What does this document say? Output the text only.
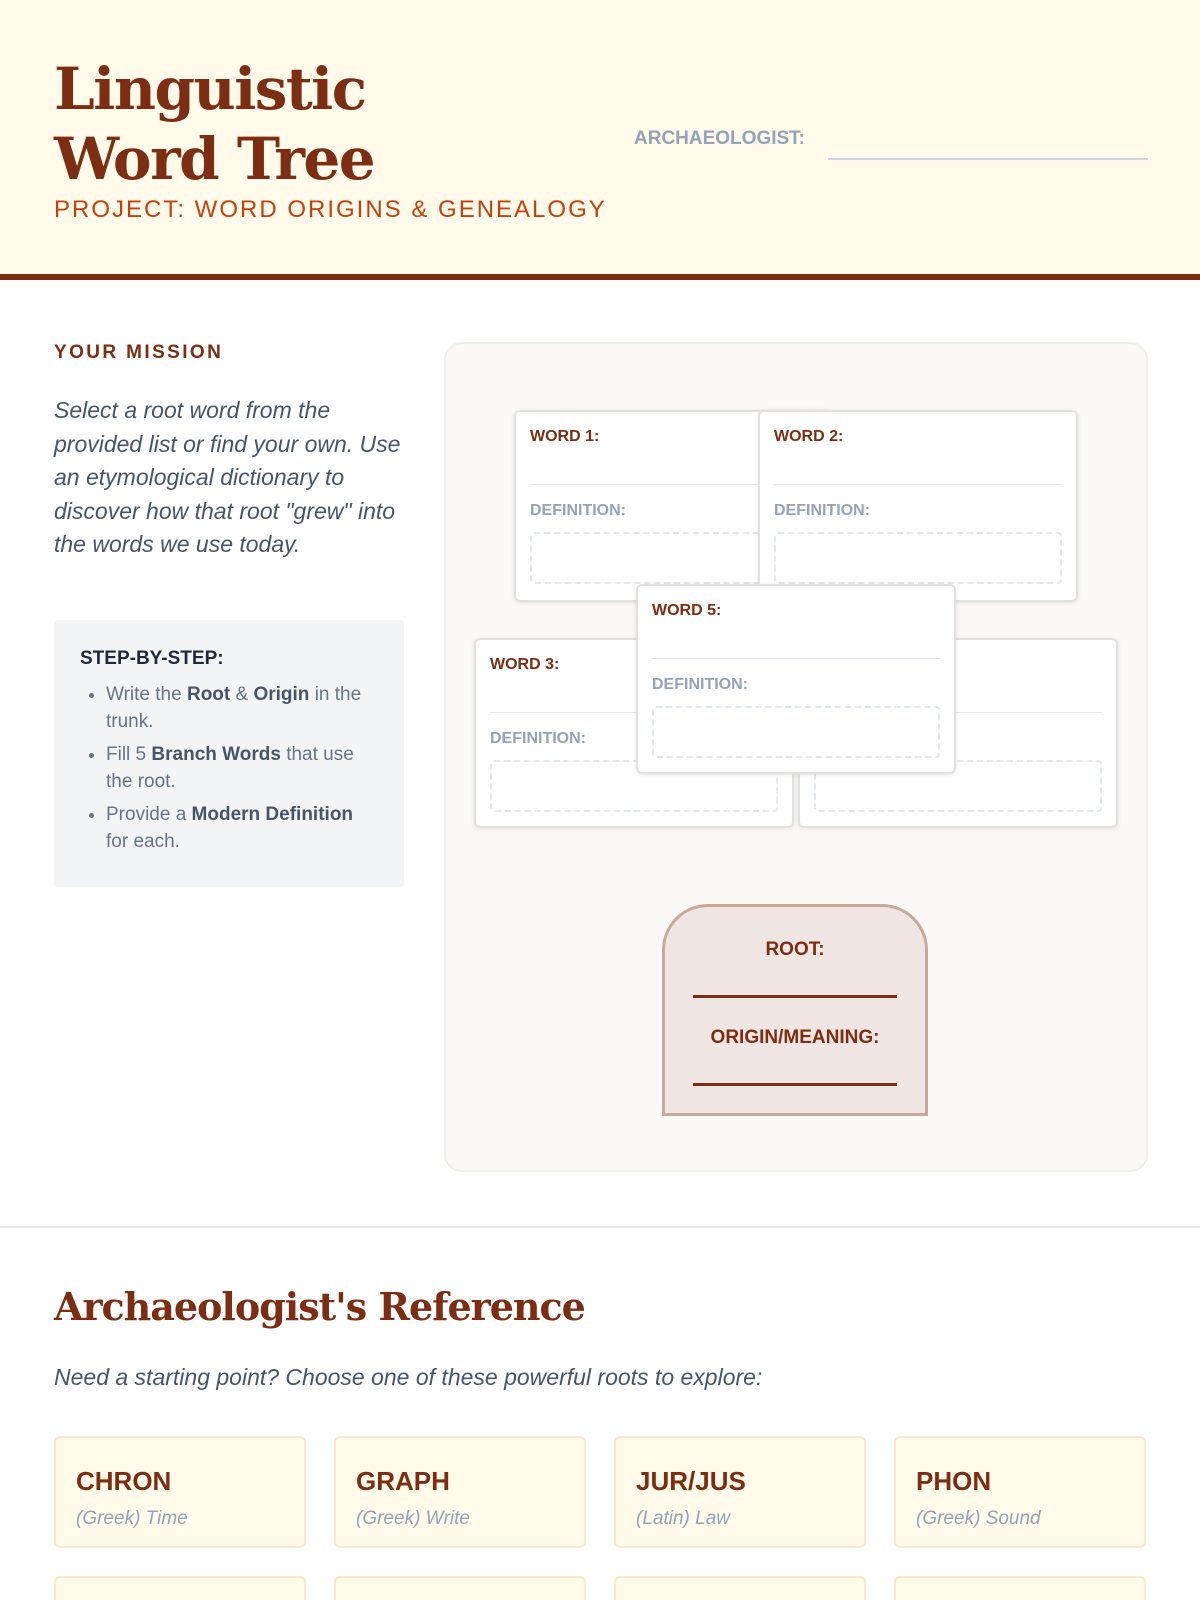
Linguistic Word Tree
PROJECT: WORD ORIGINS & GENEALOGY
ARCHAEOLOGIST:
YOUR MISSION
Select a root word from the provided list or find your own. Use an etymological dictionary to discover how that root "grew" into the words we use today.
STEP-BY-STEP:
• Write the Root & Origin in the trunk.
• Fill 5 Branch Words that use the root.
• Provide a Modern Definition for each.
WORD 1:
DEFINITION:
WORD 2:
DEFINITION:
WORD 3:
DEFINITION:
WORD 5:
DEFINITION:
ROOT:
ORIGIN/MEANING:
Archaeologist's Reference
Need a starting point? Choose one of these powerful roots to explore:
CHRON
(Greek) Time
GRAPH
(Greek) Write
JUR/JUS
(Latin) Law
PHON
(Greek) Sound
